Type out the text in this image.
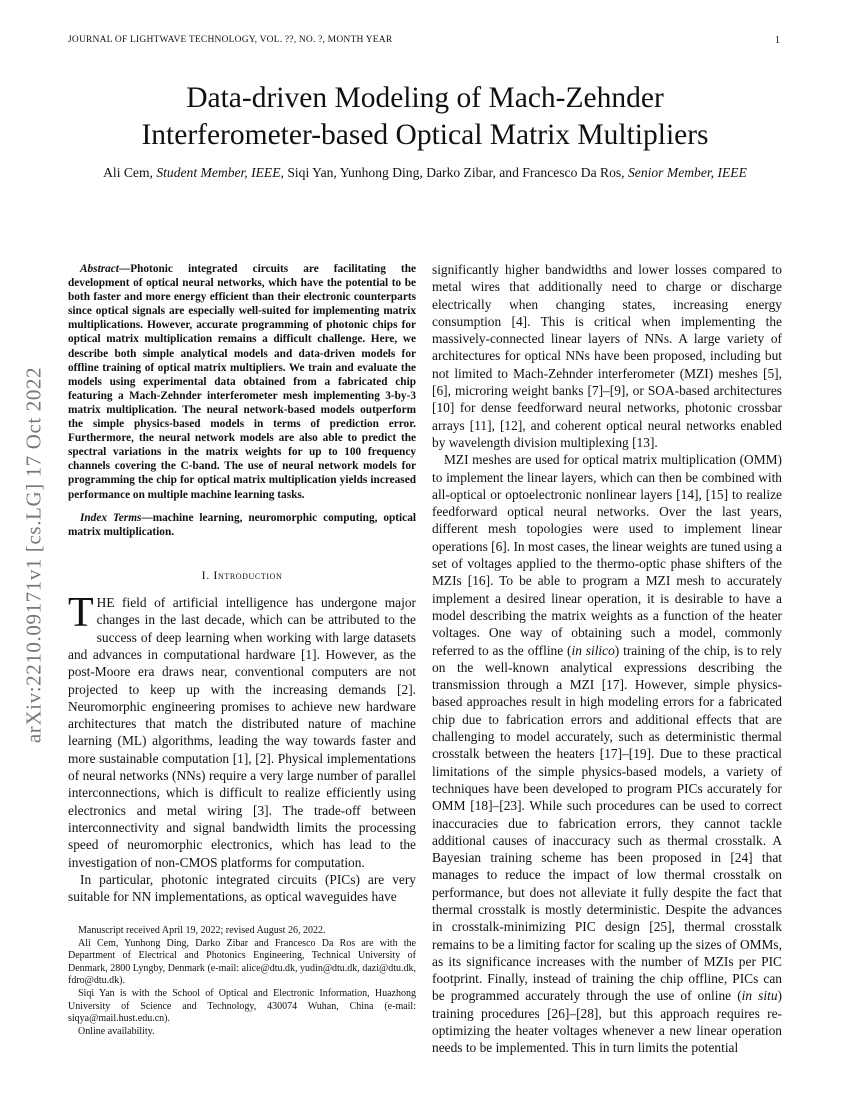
JOURNAL OF LIGHTWAVE TECHNOLOGY, VOL. ??, NO. ?, MONTH YEAR	1
arXiv:2210.09171v1 [cs.LG] 17 Oct 2022
Data-driven Modeling of Mach-Zehnder
Interferometer-based Optical Matrix Multipliers
Ali Cem, Student Member, IEEE, Siqi Yan, Yunhong Ding, Darko Zibar, and Francesco Da Ros, Senior Member, IEEE

Abstract—Photonic integrated circuits are facilitating the development of optical neural networks, which have the potential to be both faster and more energy efficient than their electronic counterparts since optical signals are especially well-suited for implementing matrix multiplications. However, accurate programming of photonic chips for optical matrix multiplication remains a difficult challenge. Here, we describe both simple analytical models and data-driven models for offline training of optical matrix multipliers. We train and evaluate the models using experimental data obtained from a fabricated chip featuring a Mach-Zehnder interferometer mesh implementing 3-by-3 matrix multiplication. The neural network-based models outperform the simple physics-based models in terms of prediction error. Furthermore, the neural network models are also able to predict the spectral variations in the matrix weights for up to 100 frequency channels covering the C-band. The use of neural network models for programming the chip for optical matrix multiplication yields increased performance on multiple machine learning tasks.

Index Terms—machine learning, neuromorphic computing, optical matrix multiplication.

I. Introduction

THE field of artificial intelligence has undergone major changes in the last decade, which can be attributed to the success of deep learning when working with large datasets and advances in computational hardware [1]. However, as the post-Moore era draws near, conventional computers are not projected to keep up with the increasing demands [2]. Neuromorphic engineering promises to achieve new hardware architectures that match the distributed nature of machine learning (ML) algorithms, leading the way towards faster and more sustainable computation [1], [2]. Physical implementations of neural networks (NNs) require a very large number of parallel interconnections, which is difficult to realize efficiently using electronics and metal wiring [3]. The trade-off between interconnectivity and signal bandwidth limits the processing speed of neuromorphic electronics, which has lead to the investigation of non-CMOS platforms for computation.

In particular, photonic integrated circuits (PICs) are very suitable for NN implementations, as optical waveguides have

Manuscript received April 19, 2022; revised August 26, 2022.

Ali Cem, Yunhong Ding, Darko Zibar and Francesco Da Ros are with the Department of Electrical and Photonics Engineering, Technical University of Denmark, 2800 Lyngby, Denmark (e-mail: alice@dtu.dk, yudin@dtu.dk, dazi@dtu.dk, fdro@dtu.dk).

Siqi Yan is with the School of Optical and Electronic Information, Huazhong University of Science and Technology, 430074 Wuhan, China (e-mail: siqya@mail.hust.edu.cn).

Online availability.

significantly higher bandwidths and lower losses compared to metal wires that additionally need to charge or discharge electrically when changing states, increasing energy consumption [4]. This is critical when implementing the massively-connected linear layers of NNs. A large variety of architectures for optical NNs have been proposed, including but not limited to Mach-Zehnder interferometer (MZI) meshes [5], [6], microring weight banks [7]–[9], or SOA-based architectures [10] for dense feedforward neural networks, photonic crossbar arrays [11], [12], and coherent optical neural networks enabled by wavelength division multiplexing [13].

MZI meshes are used for optical matrix multiplication (OMM) to implement the linear layers, which can then be combined with all-optical or optoelectronic nonlinear layers [14], [15] to realize feedforward optical neural networks. Over the last years, different mesh topologies were used to implement linear operations [6]. In most cases, the linear weights are tuned using a set of voltages applied to the thermo-optic phase shifters of the MZIs [16]. To be able to program a MZI mesh to accurately implement a desired linear operation, it is desirable to have a model describing the matrix weights as a function of the heater voltages. One way of obtaining such a model, commonly referred to as the offline (in silico) training of the chip, is to rely on the well-known analytical expressions describing the transmission through a MZI [17]. However, simple physics-based approaches result in high modeling errors for a fabricated chip due to fabrication errors and additional effects that are challenging to model accurately, such as deterministic thermal crosstalk between the heaters [17]–[19]. Due to these practical limitations of the simple physics-based models, a variety of techniques have been developed to program PICs accurately for OMM [18]–[23]. While such procedures can be used to correct inaccuracies due to fabrication errors, they cannot tackle additional causes of inaccuracy such as thermal crosstalk. A Bayesian training scheme has been proposed in [24] that manages to reduce the impact of low thermal crosstalk on performance, but does not alleviate it fully despite the fact that thermal crosstalk is mostly deterministic. Despite the advances in crosstalk-minimizing PIC design [25], thermal crosstalk remains to be a limiting factor for scaling up the sizes of OMMs, as its significance increases with the number of MZIs per PIC footprint. Finally, instead of training the chip offline, PICs can be programmed accurately through the use of online (in situ) training procedures [26]–[28], but this approach requires re-optimizing the heater voltages whenever a new linear operation needs to be implemented. This in turn limits the potential
